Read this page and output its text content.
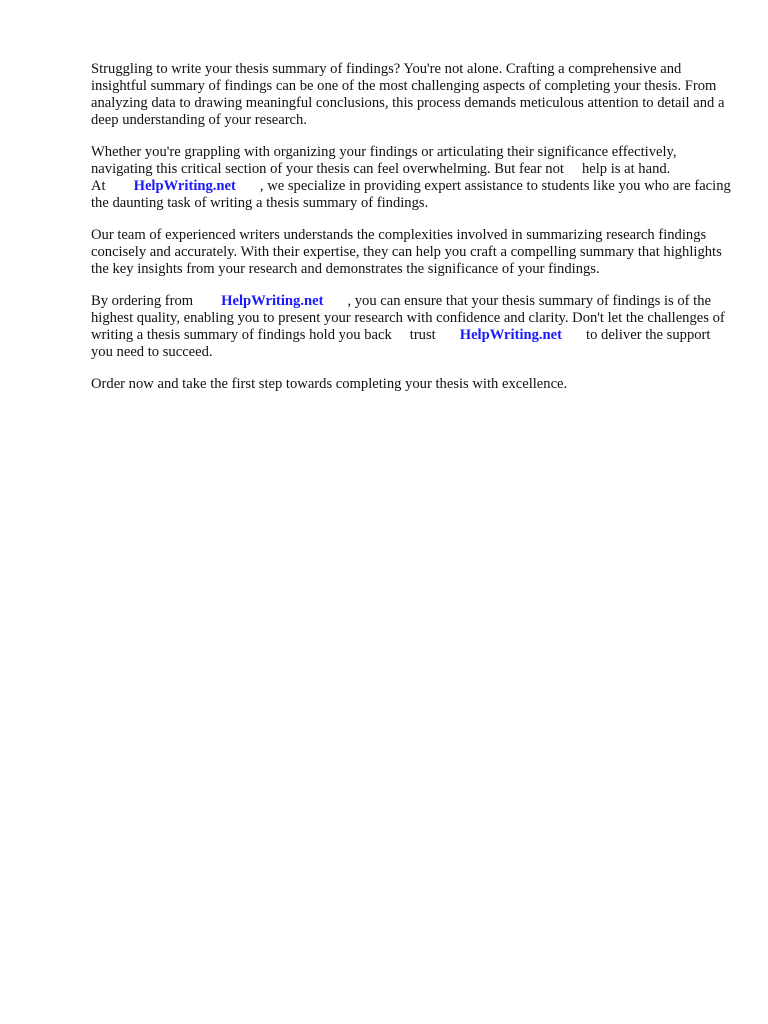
Struggling to write your thesis summary of findings? You're not alone. Crafting a comprehensive and insightful summary of findings can be one of the most challenging aspects of completing your thesis. From analyzing data to drawing meaningful conclusions, this process demands meticulous attention to detail and a deep understanding of your research.

Whether you're grappling with organizing your findings or articulating their significance effectively, navigating this critical section of your thesis can feel overwhelming. But fear not help is at hand.
At HelpWriting.net , we specialize in providing expert assistance to students like you who are facing the daunting task of writing a thesis summary of findings.

Our team of experienced writers understands the complexities involved in summarizing research findings concisely and accurately. With their expertise, they can help you craft a compelling summary that highlights the key insights from your research and demonstrates the significance of your findings.

By ordering from HelpWriting.net , you can ensure that your thesis summary of findings is of the highest quality, enabling you to present your research with confidence and clarity. Don't let the challenges of writing a thesis summary of findings hold you back trust HelpWriting.net to deliver the support you need to succeed.

Order now and take the first step towards completing your thesis with excellence.
